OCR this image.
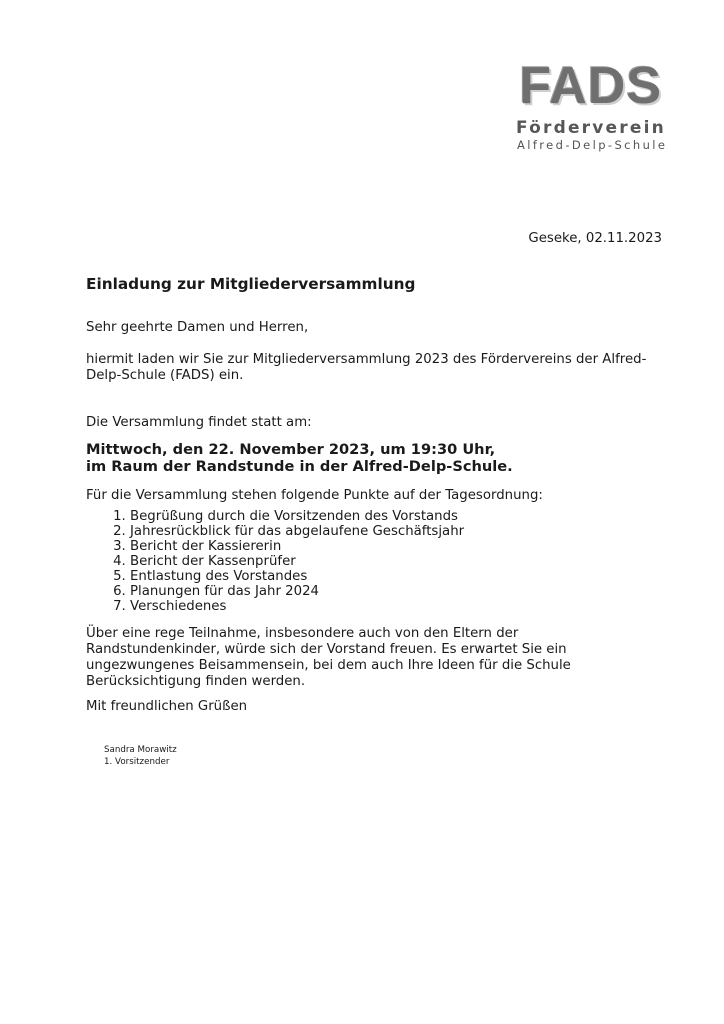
FADS
Förderverein
Alfred-Delp-Schule
Geseke, 02.11.2023
Einladung zur Mitgliederversammlung
Sehr geehrte Damen und Herren,
hiermit laden wir Sie zur Mitgliederversammlung 2023 des Fördervereins der Alfred-Delp-Schule (FADS) ein.
Die Versammlung findet statt am:
Mittwoch, den 22. November 2023, um 19:30 Uhr,
im Raum der Randstunde in der Alfred-Delp-Schule.
Für die Versammlung stehen folgende Punkte auf der Tagesordnung:
1. Begrüßung durch die Vorsitzenden des Vorstands
2. Jahresrückblick für das abgelaufene Geschäftsjahr
3. Bericht der Kassiererin
4. Bericht der Kassenprüfer
5. Entlastung des Vorstandes
6. Planungen für das Jahr 2024
7. Verschiedenes
Über eine rege Teilnahme, insbesondere auch von den Eltern der Randstundenkinder, würde sich der Vorstand freuen. Es erwartet Sie ein ungezwungenes Beisammensein, bei dem auch Ihre Ideen für die Schule Berücksichtigung finden werden.
Mit freundlichen Grüßen
Sandra Morawitz
1. Vorsitzender
